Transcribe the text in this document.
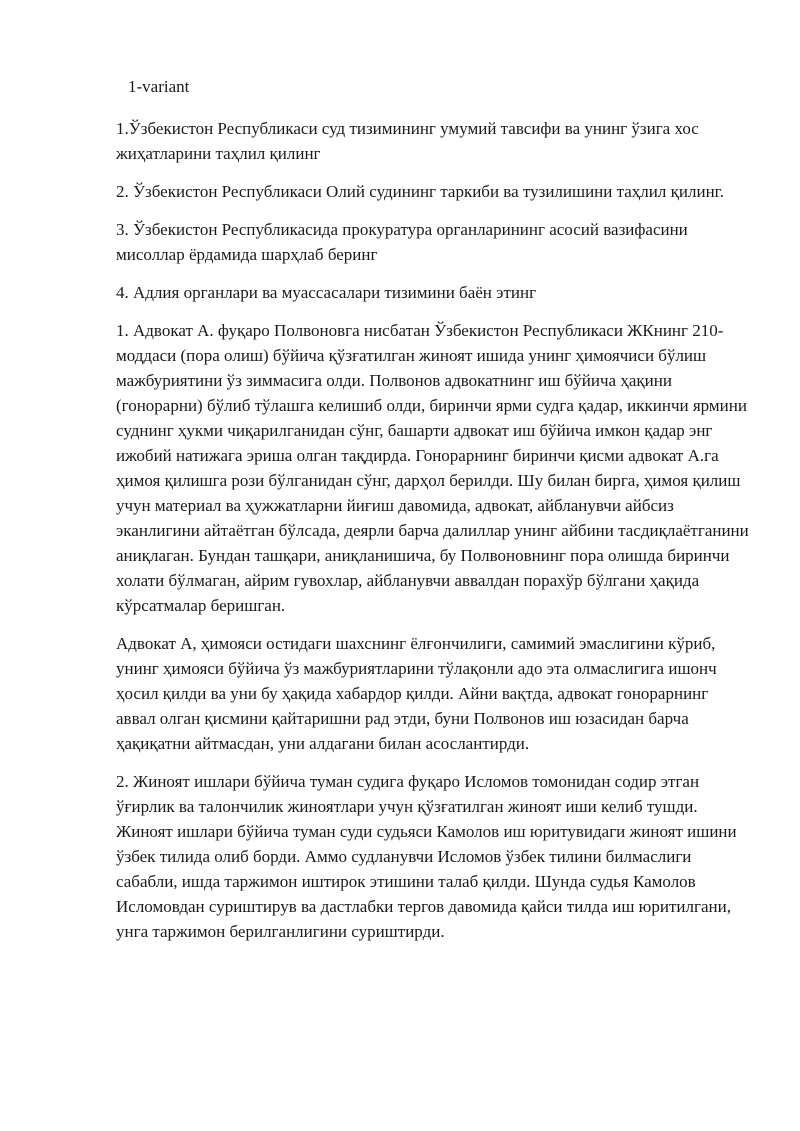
1-variant
1.Ўзбекистон Республикаси суд тизимининг умумий тавсифи ва унинг ўзига хос жиҳатларини таҳлил қилинг
2. Ўзбекистон Республикаси Олий судининг таркиби ва тузилишини таҳлил қилинг.
3. Ўзбекистон Республикасида прокуратура органларининг асосий вазифасини мисоллар ёрдамида шарҳлаб беринг
4. Адлия органлари ва муассасалари тизимини баён этинг
1. Адвокат А. фуқаро Полвоновга нисбатан Ўзбекистон Республикаси ЖКнинг 210-моддаси (пора олиш) бўйича қўзғатилган жиноят ишида унинг ҳимоячиси бўлиш мажбуриятини ўз зиммасига олди. Полвонов адвокатнинг иш бўйича ҳақини (гонорарни) бўлиб тўлашга келишиб олди, биринчи ярми судга қадар, иккинчи ярмини суднинг ҳукми чиқарилганидан сўнг, башарти адвокат иш бўйича имкон қадар энг ижобий натижага эриша олган тақдирда. Гонорарнинг биринчи қисми адвокат А.га ҳимоя қилишга рози бўлганидан сўнг, дарҳол берилди. Шу билан бирга, ҳимоя қилиш учун материал ва ҳужжатларни йиғиш давомида, адвокат, айбланувчи айбсиз эканлигини айтаётган бўлсада, деярли барча далиллар унинг айбини тасдиқлаётганини аниқлаган. Бундан ташқари, аниқланишича, бу Полвоновнинг пора олишда биринчи холати бўлмаган, айрим гувохлар, айбланувчи аввалдан порахўр бўлгани ҳақида кўрсатмалар беришган.
Адвокат А, ҳимояси остидаги шахснинг ёлғончилиги, самимий эмаслигини кўриб, унинг ҳимояси бўйича ўз мажбуриятларини тўлақонли адо эта олмаслигига ишонч ҳосил қилди ва уни бу ҳақида хабардор қилди. Айни вақтда, адвокат гонорарнинг аввал олган қисмини қайтаришни рад этди, буни Полвонов иш юзасидан барча ҳақиқатни айтмасдан, уни алдагани билан асослантирди.
2. Жиноят ишлари бўйича туман судига фуқаро Исломов томонидан содир этган ўғирлик ва талончилик жиноятлари учун қўзғатилган жиноят иши келиб тушди. Жиноят ишлари бўйича туман суди судьяси Камолов иш юритувидаги жиноят ишини ўзбек тилида олиб борди. Аммо судланувчи Исломов ўзбек тилини билмаслиги сабабли, ишда таржимон иштирок этишини талаб қилди. Шунда судья Камолов Исломовдан суриштирув ва дастлабки тергов давомида қайси тилда иш юритилгани, унга таржимон берилганлигини суриштирди.
